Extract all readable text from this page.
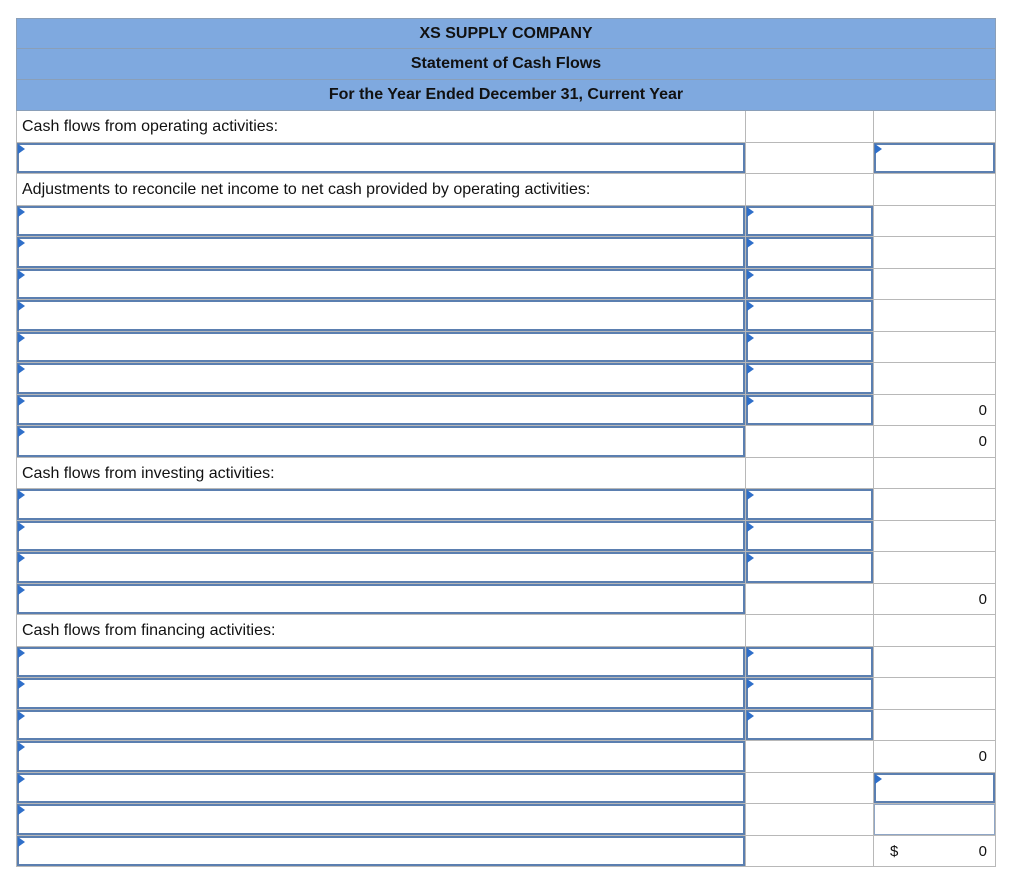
XS SUPPLY COMPANY
Statement of Cash Flows
For the Year Ended December 31, Current Year
Cash flows from operating activities:
Adjustments to reconcile net income to net cash provided by operating activities:
0
0
Cash flows from investing activities:
0
Cash flows from financing activities:
0
$	0
